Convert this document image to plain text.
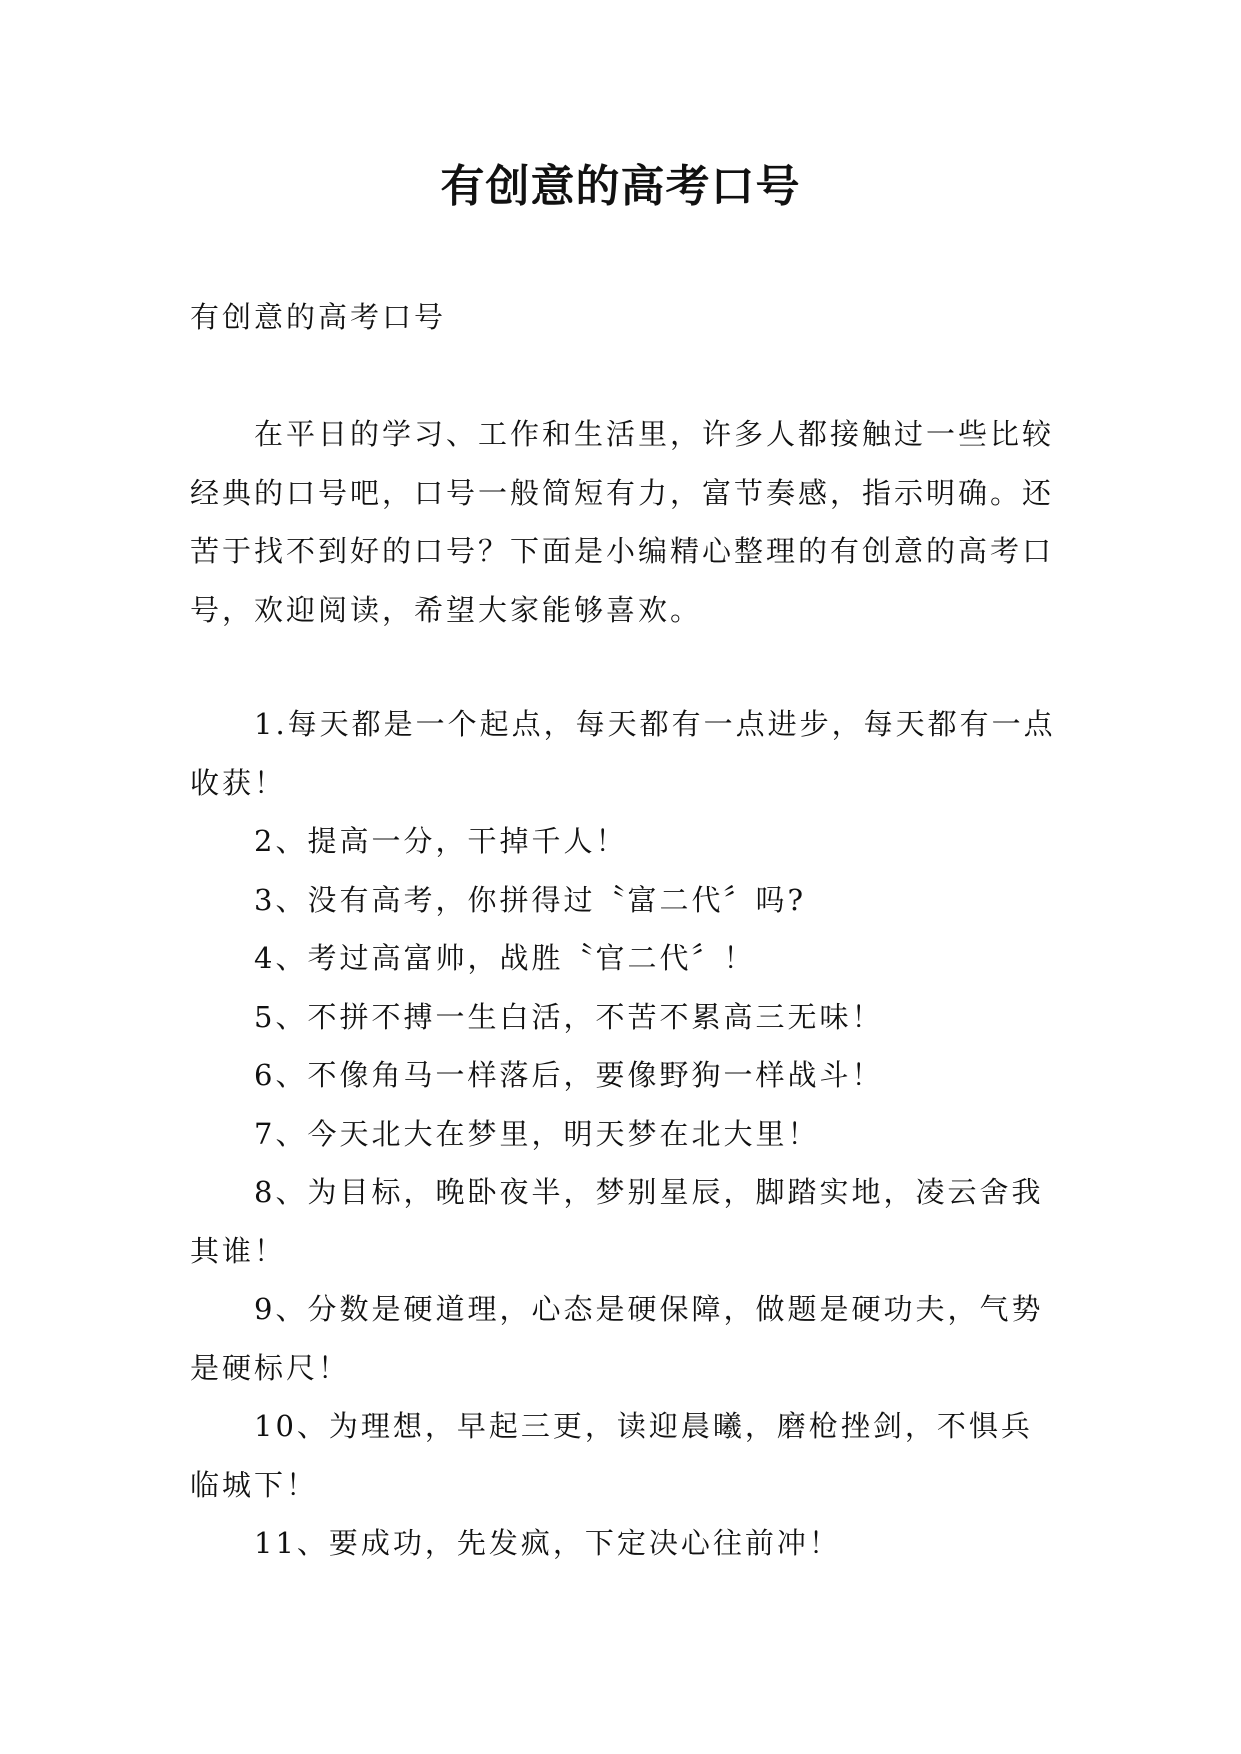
有创意的高考口号

有创意的高考口号

在平日的学习、工作和生活里，许多人都接触过一些比较经典的口号吧，口号一般简短有力，富节奏感，指示明确。还苦于找不到好的口号？下面是小编精心整理的有创意的高考口号，欢迎阅读，希望大家能够喜欢。

1.每天都是一个起点，每天都有一点进步，每天都有一点收获！

2、提高一分，干掉千人！

3、没有高考，你拼得过〝富二代〞吗?

4、考过高富帅，战胜〝官二代〞！

5、不拼不搏一生白活，不苦不累高三无味！

6、不像角马一样落后，要像野狗一样战斗！

7、今天北大在梦里，明天梦在北大里！

8、为目标，晚卧夜半，梦别星辰，脚踏实地，凌云舍我其谁！

9、分数是硬道理，心态是硬保障，做题是硬功夫，气势是硬标尺！

10、为理想，早起三更，读迎晨曦，磨枪挫剑，不惧兵临城下！

11、要成功，先发疯，下定决心往前冲！
